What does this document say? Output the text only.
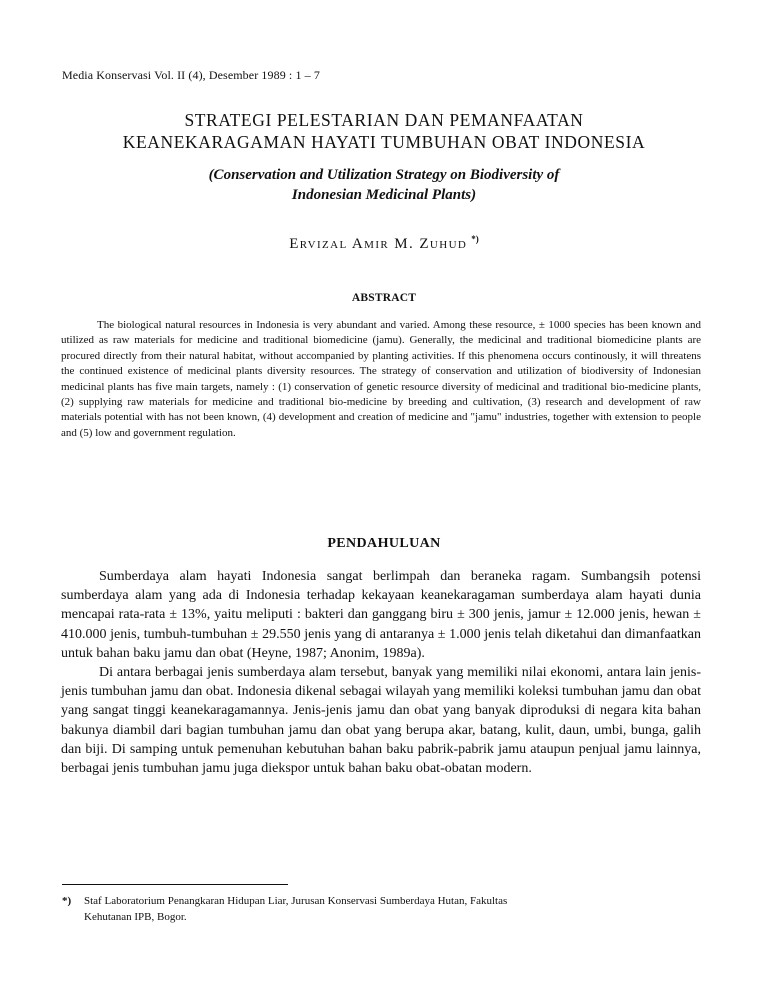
Media Konservasi Vol. II (4), Desember 1989 : 1 – 7
STRATEGI PELESTARIAN DAN PEMANFAATAN
KEANEKARAGAMAN HAYATI TUMBUHAN OBAT INDONESIA
(Conservation and Utilization Strategy on Biodiversity of
Indonesian Medicinal Plants)
Ervizal Amir M. Zuhud *)
ABSTRACT

The biological natural resources in Indonesia is very abundant and varied. Among these resource, ± 1000 species has been known and utilized as raw materials for medicine and traditional biomedicine (jamu). Generally, the medicinal and traditional biomedicine plants are procured directly from their natural habitat, without accompanied by planting activities. If this phenomena occurs continously, it will threatens the continued existence of medicinal plants diversity resources. The strategy of conservation and utilization of biodiversity of Indonesian medicinal plants has five main targets, namely : (1) conservation of genetic resource diversity of medicinal and traditional bio-medicine plants, (2) supplying raw materials for medicine and traditional bio-medicine by breeding and cultivation, (3) research and development of raw materials potential with has not been known, (4) development and creation of medicine and "jamu" industries, together with extension to people and (5) low and government regulation.

PENDAHULUAN

Sumberdaya alam hayati Indonesia sangat berlimpah dan beraneka ragam. Sumbangsih potensi sumberdaya alam yang ada di Indonesia terhadap kekayaan keanekaragaman sumberdaya alam hayati dunia mencapai rata-rata ± 13%, yaitu meliputi : bakteri dan ganggang biru ± 300 jenis, jamur ± 12.000 jenis, hewan ± 410.000 jenis, tumbuh-tumbuhan ± 29.550 jenis yang di antaranya ± 1.000 jenis telah diketahui dan dimanfaatkan untuk bahan baku jamu dan obat (Heyne, 1987; Anonim, 1989a).

Di antara berbagai jenis sumberdaya alam tersebut, banyak yang memiliki nilai ekonomi, antara lain jenis-jenis tumbuhan jamu dan obat. Indonesia dikenal sebagai wilayah yang memiliki koleksi tumbuhan jamu dan obat yang sangat tinggi keanekaragamannya. Jenis-jenis jamu dan obat yang banyak diproduksi di negara kita bahan bakunya diambil dari bagian tumbuhan jamu dan obat yang berupa akar, batang, kulit, daun, umbi, bunga, galih dan biji. Di samping untuk pemenuhan kebutuhan bahan baku pabrik-pabrik jamu ataupun penjual jamu lainnya, berbagai jenis tumbuhan jamu juga diekspor untuk bahan baku obat-obatan modern.

*) Staf Laboratorium Penangkaran Hidupan Liar, Jurusan Konservasi Sumberdaya Hutan, Fakultas
Kehutanan IPB, Bogor.
